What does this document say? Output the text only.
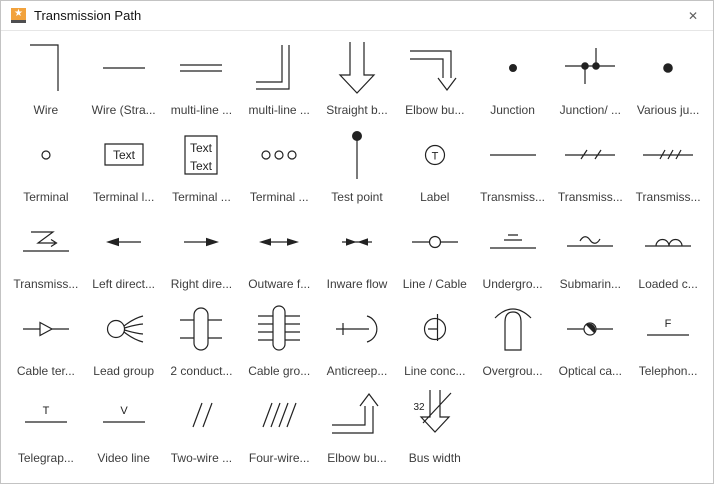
★ Transmission Path	✕
Wire	Wire (Stra... multi-line ... multi-line ... Straight b... Elbow bu... Junction Junction/ ... Various ju...
Terminal
Text
Terminal l...
Text
Text
Terminal ... Terminal ... Test point
T
Label	Transmiss... Transmiss... Transmiss...
Transmiss... Left direct... Right dire... Outware f... Inware flow Line / Cable Undergro... Submarin... Loaded c...
Cable ter... Lead group 2 conduct... Cable gro... Anticreep... Line conc... Overgrou... Optical ca...
F
Telephon...
T
Telegrap...
V
Video line Two-wire ... Four-wire... Elbow bu...
32
Bus width
